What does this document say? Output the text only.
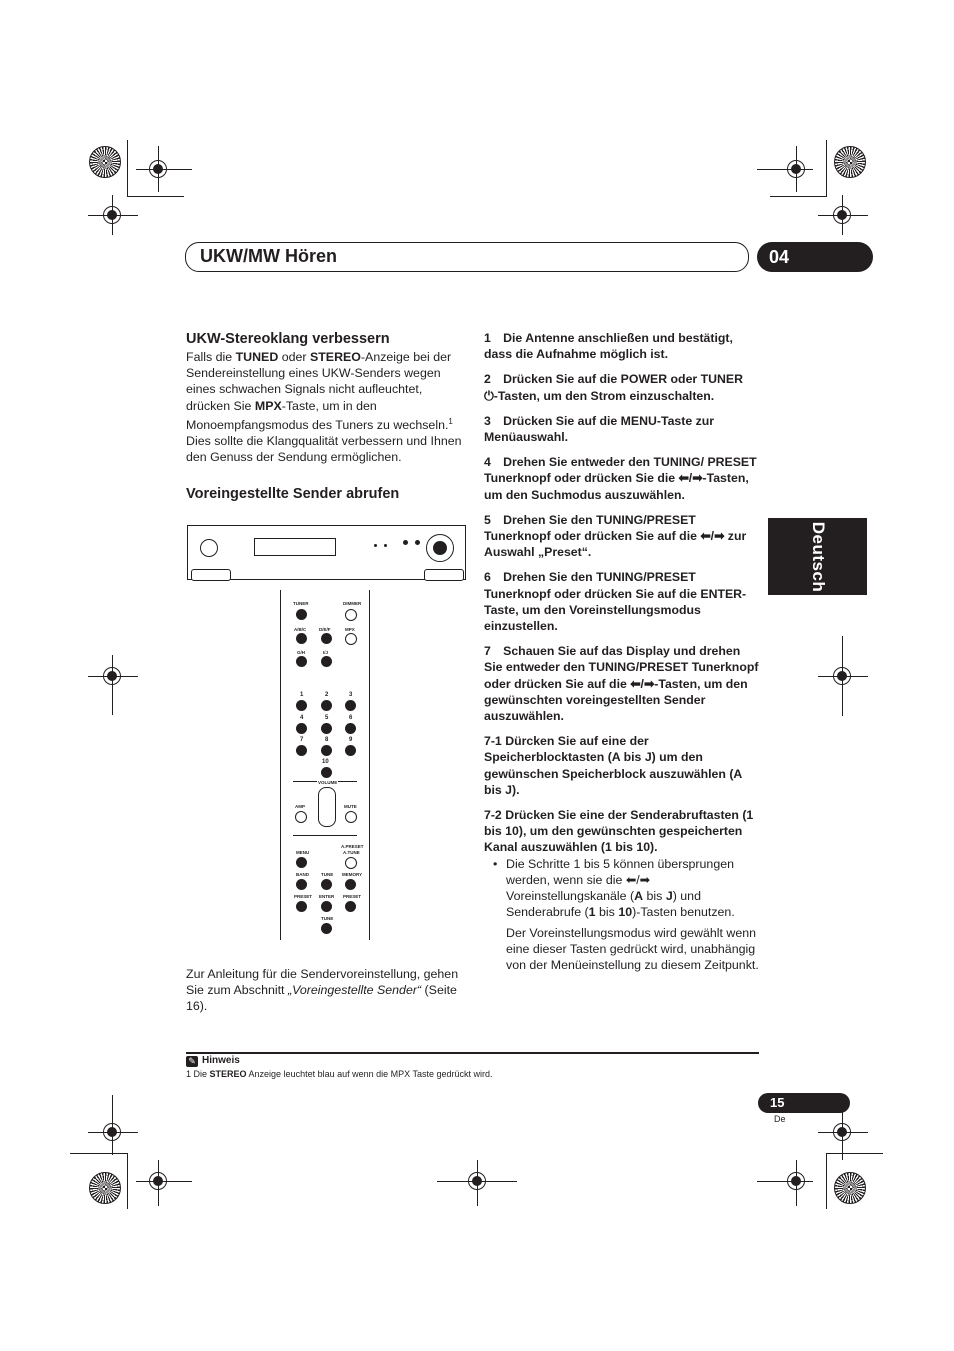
UKW/MW Hören	04
Deutsch
UKW-Stereoklang verbessern
Falls die TUNED oder STEREO-Anzeige bei der Sendereinstellung eines UKW-Senders wegen eines schwachen Signals nicht aufleuchtet, drücken Sie MPX-Taste, um in den Monoempfangsmodus des Tuners zu wechseln.$^1$ Dies sollte die Klangqualität verbessern und Ihnen den Genuss der Sendung ermöglichen.
Voreingestellte Sender abrufen
TUNER	DIMMER
A/B/C	D/E/F	MPX
G/H	I/J
1	2	3
4	5	6
7	8	9
10
VOLUME
AMP	MUTE
MENU
A.PRESET
A.TUNE
BAND	TUNE MEMORY
PRESET ENTER PRESET
TUNE
Zur Anleitung für die Sendervoreinstellung, gehen Sie zum Abschnitt „Voreingestellte Sender“ (Seite 16).
1 Die Antenne anschließen und bestätigt, dass die Aufnahme möglich ist.
2 Drücken Sie auf die POWER oder TUNER ⏻-Tasten, um den Strom einzuschalten.
3 Drücken Sie auf die MENU-Taste zur Menüauswahl.
4 Drehen Sie entweder den TUNING/ PRESET Tunerknopf oder drücken Sie die ⬅/➡-Tasten, um den Suchmodus auszuwählen.
5 Drehen Sie den TUNING/PRESET Tunerknopf oder drücken Sie auf die ⬅/➡ zur Auswahl „Preset“.
6 Drehen Sie den TUNING/PRESET Tunerknopf oder drücken Sie auf die ENTER-Taste, um den Voreinstellungsmodus einzustellen.
7 Schauen Sie auf das Display und drehen Sie entweder den TUNING/PRESET Tunerknopf oder drücken Sie auf die ⬅/➡-Tasten, um den gewünschten voreingestellten Sender auszuwählen.
7-1 Dürcken Sie auf eine der Speicherblocktasten (A bis J) um den gewünschen Speicherblock auszuwählen (A bis J).
7-2 Drücken Sie eine der Senderabruftasten (1 bis 10), um den gewünschten gespeicherten Kanal auszuwählen (1 bis 10).
• Die Schritte 1 bis 5 können übersprungen werden, wenn sie die ⬅/➡ Voreinstellungskanäle (A bis J) und Senderabrufe (1 bis 10)-Tasten benutzen.
Der Voreinstellungsmodus wird gewählt wenn eine dieser Tasten gedrückt wird, unabhängig von der Menüeinstellung zu diesem Zeitpunkt.
✎ Hinweis
1 Die STEREO Anzeige leuchtet blau auf wenn die MPX Taste gedrückt wird.
15
De
